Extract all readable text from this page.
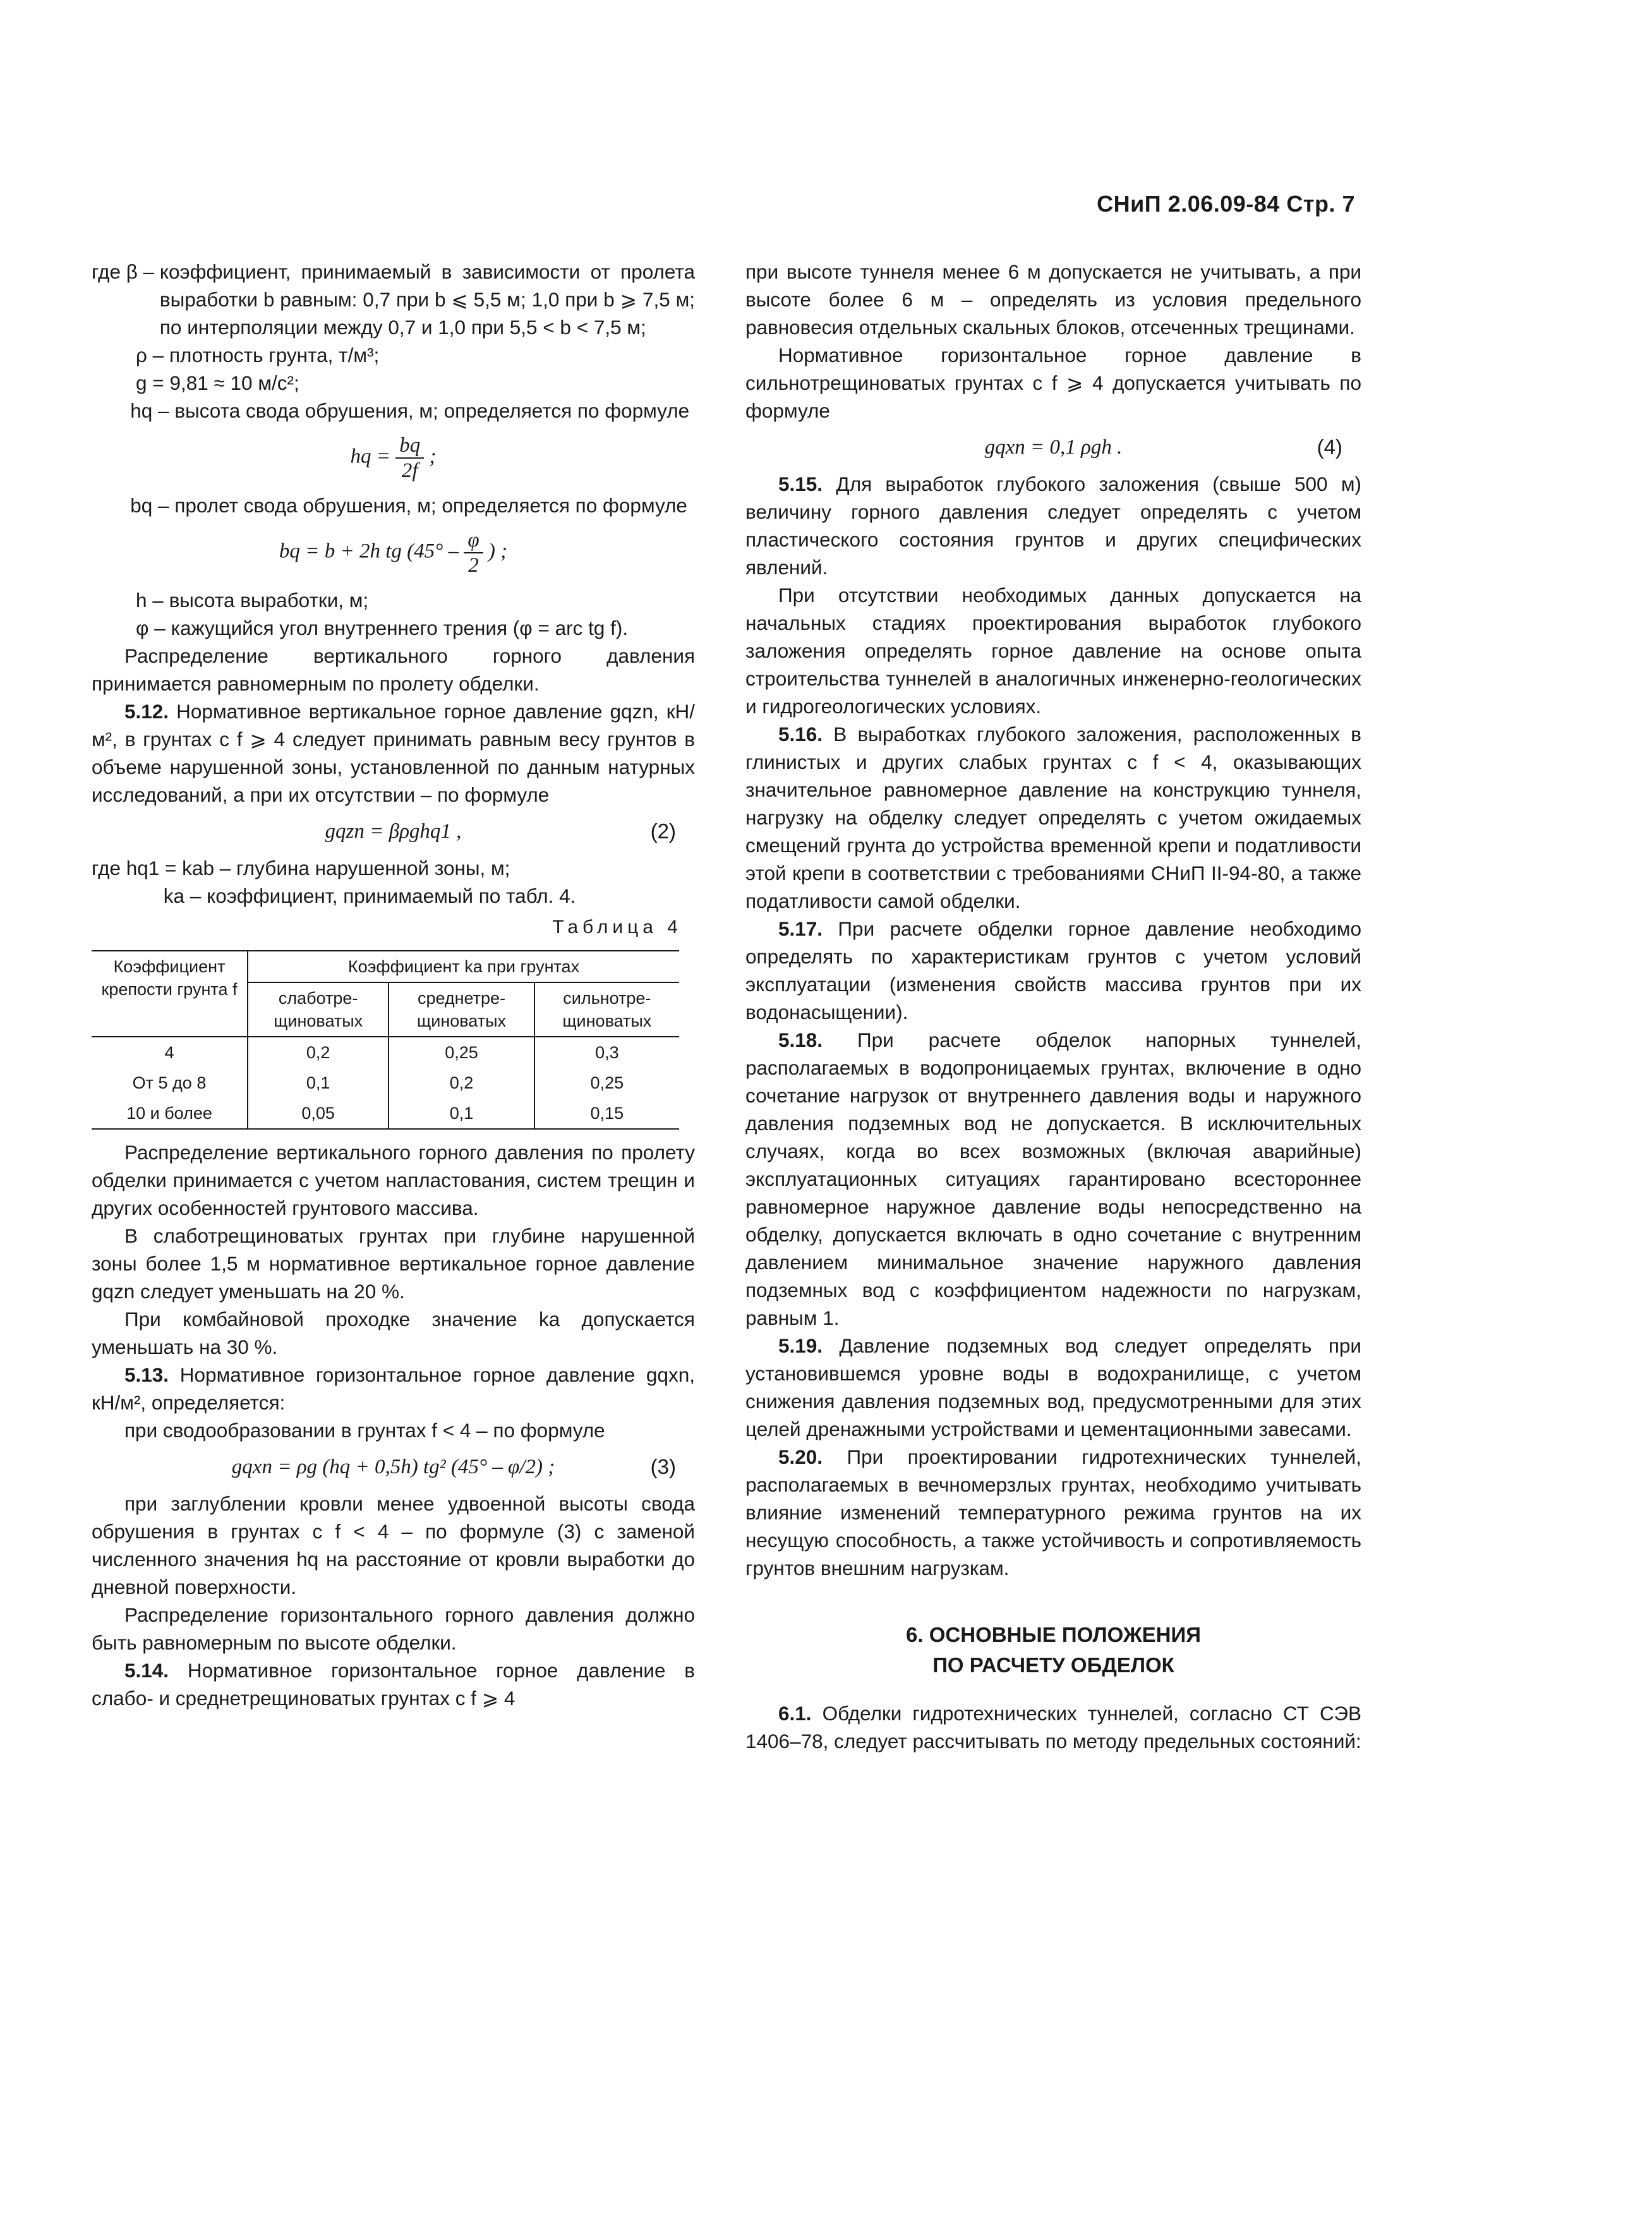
СНиП 2.06.09-84 Стр. 7
где β – коэффициент, принимаемый в зависимости от пролета выработки b равным: 0,7 при b ⩽ 5,5 м; 1,0 при b ⩾ 7,5 м; по интерполяции между 0,7 и 1,0 при 5,5 < b < 7,5 м;
ρ – плотность грунта, т/м³;
g = 9,81 ≈ 10 м/с²;
hq – высота свода обрушения, м; определяется по формуле
hq = $\frac{bq}{2f}$ ;
bq – пролет свода обрушения, м; определяется по формуле
bq = b + 2h tg ($45^\circ - \frac{\varphi}{2}$ ) ;
h – высота выработки, м;
φ – кажущийся угол внутреннего трения (φ = arc tg f).

Распределение вертикального горного давления принимается равномерным по пролету обделки.

5.12. Нормативное вертикальное горное давление gqzn, кН/м², в грунтах с f ⩾ 4 следует принимать равным весу грунтов в объеме нарушенной зоны, установленной по данным натурных исследований, а при их отсутствии – по формуле

gqzn = βρghq1 ,	(2)
где hq1 = kab – глубина нарушенной зоны, м;
ka – коэффициент, принимаемый по табл. 4.
Таблица 4
Коэффициент крепости грунта f	Коэффициент ka при грунтах		
	слаботре-щиноватых	среднетре-щиноватых	сильнотре-щиноватых
4	0,2	0,25	0,3
От 5 до 8	0,1	0,2	0,25
10 и более	0,05	0,1	0,15

Распределение вертикального горного давления по пролету обделки принимается с учетом напластования, систем трещин и других особенностей грунтового массива.

В слаботрещиноватых грунтах при глубине нарушенной зоны более 1,5 м нормативное вертикальное горное давление gqzn следует уменьшать на 20 %.

При комбайновой проходке значение ka допускается уменьшать на 30 %.

5.13. Нормативное горизонтальное горное давление gqxn, кН/м², определяется:

при сводообразовании в грунтах f < 4 – по формуле

gqxn = ρg (hq + 0,5h) tg² (45° – φ/2) ;	(3)

при заглублении кровли менее удвоенной высоты свода обрушения в грунтах с f < 4 – по формуле (3) с заменой численного значения hq на расстояние от кровли выработки до дневной поверхности.

Распределение горизонтального горного давления должно быть равномерным по высоте обделки.

5.14. Нормативное горизонтальное горное давление в слабо- и среднетрещиноватых грунтах с f ⩾ 4

при высоте туннеля менее 6 м допускается не учитывать, а при высоте более 6 м – определять из условия предельного равновесия отдельных скальных блоков, отсеченных трещинами.

Нормативное горизонтальное горное давление в сильнотрещиноватых грунтах с f ⩾ 4 допускается учитывать по формуле

gqxn = 0,1 ρgh .	(4)

5.15. Для выработок глубокого заложения (свыше 500 м) величину горного давления следует определять с учетом пластического состояния грунтов и других специфических явлений.

При отсутствии необходимых данных допускается на начальных стадиях проектирования выработок глубокого заложения определять горное давление на основе опыта строительства туннелей в аналогичных инженерно-геологических и гидрогеологических условиях.

5.16. В выработках глубокого заложения, расположенных в глинистых и других слабых грунтах с f < 4, оказывающих значительное равномерное давление на конструкцию туннеля, нагрузку на обделку следует определять с учетом ожидаемых смещений грунта до устройства временной крепи и податливости этой крепи в соответствии с требованиями СНиП II-94-80, а также податливости самой обделки.

5.17. При расчете обделки горное давление необходимо определять по характеристикам грунтов с учетом условий эксплуатации (изменения свойств массива грунтов при их водонасыщении).

5.18. При расчете обделок напорных туннелей, располагаемых в водопроницаемых грунтах, включение в одно сочетание нагрузок от внутреннего давления воды и наружного давления подземных вод не допускается. В исключительных случаях, когда во всех возможных (включая аварийные) эксплуатационных ситуациях гарантировано всестороннее равномерное наружное давление воды непосредственно на обделку, допускается включать в одно сочетание с внутренним давлением минимальное значение наружного давления подземных вод с коэффициентом надежности по нагрузкам, равным 1.

5.19. Давление подземных вод следует определять при установившемся уровне воды в водохранилище, с учетом снижения давления подземных вод, предусмотренными для этих целей дренажными устройствами и цементационными завесами.

5.20. При проектировании гидротехнических туннелей, располагаемых в вечномерзлых грунтах, необходимо учитывать влияние изменений температурного режима грунтов на их несущую способность, а также устойчивость и сопротивляемость грунтов внешним нагрузкам.

6. ОСНОВНЫЕ ПОЛОЖЕНИЯ
ПО РАСЧЕТУ ОБДЕЛОК

6.1. Обделки гидротехнических туннелей, согласно СТ СЭВ 1406–78, следует рассчитывать по методу предельных состояний:
